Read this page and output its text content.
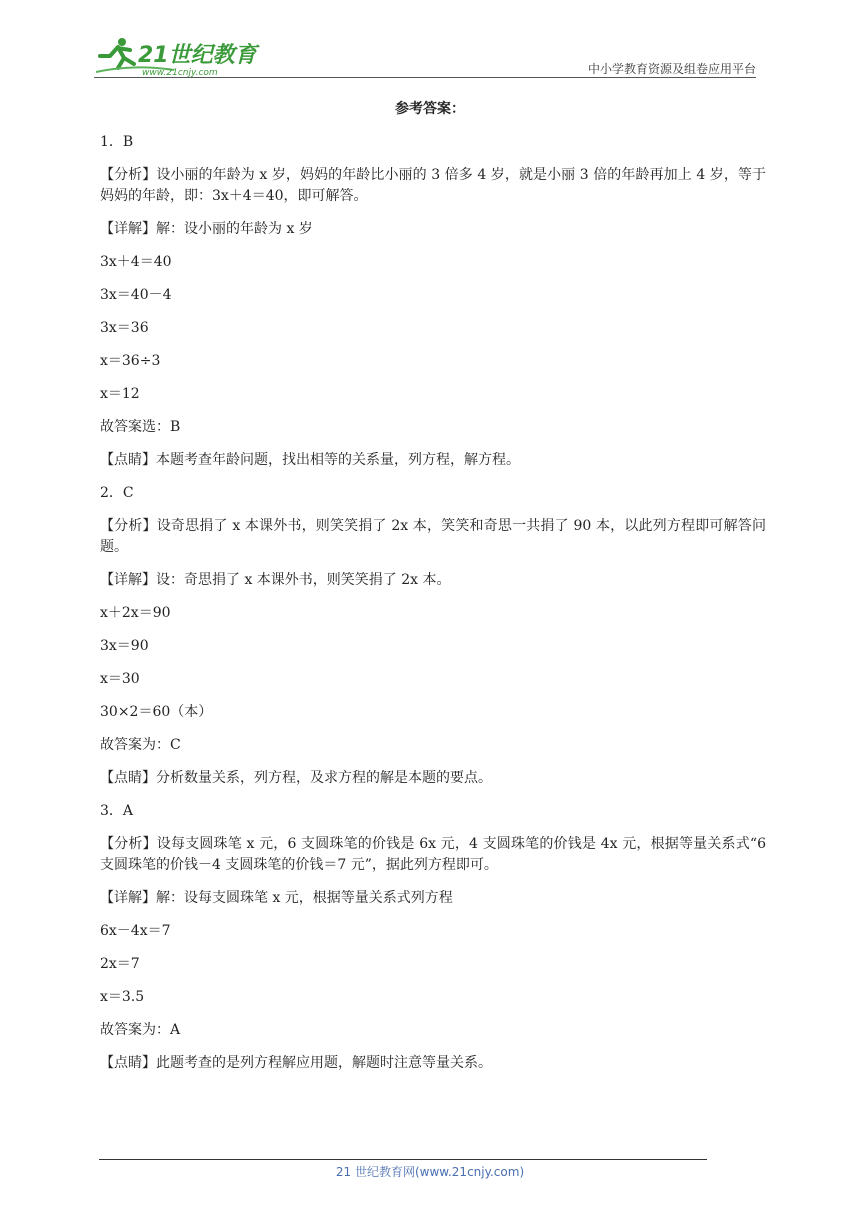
21世纪教育
www.21cnjy.com	中小学教育资源及组卷应用平台
参考答案：
1．B
【分析】设小丽的年龄为 x 岁，妈妈的年龄比小丽的 3 倍多 4 岁，就是小丽 3 倍的年龄再加上 4 岁，等于妈妈的年龄，即：3x＋4＝40，即可解答。
【详解】解：设小丽的年龄为 x 岁
3x＋4＝40
3x＝40－4
3x＝36
x＝36÷3
x＝12
故答案选：B
【点睛】本题考查年龄问题，找出相等的关系量，列方程，解方程。
2．C
【分析】设奇思捐了 x 本课外书，则笑笑捐了 2x 本，笑笑和奇思一共捐了 90 本，以此列方程即可解答问题。
【详解】设：奇思捐了 x 本课外书，则笑笑捐了 2x 本。
x＋2x＝90
3x＝90
x＝30
30×2＝60（本）
故答案为：C
【点睛】分析数量关系，列方程，及求方程的解是本题的要点。
3．A
【分析】设每支圆珠笔 x 元，6 支圆珠笔的价钱是 6x 元，4 支圆珠笔的价钱是 4x 元，根据等量关系式“6 支圆珠笔的价钱－4 支圆珠笔的价钱＝7 元”，据此列方程即可。
【详解】解：设每支圆珠笔 x 元，根据等量关系式列方程
6x－4x＝7
2x＝7
x＝3.5
故答案为：A
【点睛】此题考查的是列方程解应用题，解题时注意等量关系。
21 世纪教育网(www.21cnjy.com)
